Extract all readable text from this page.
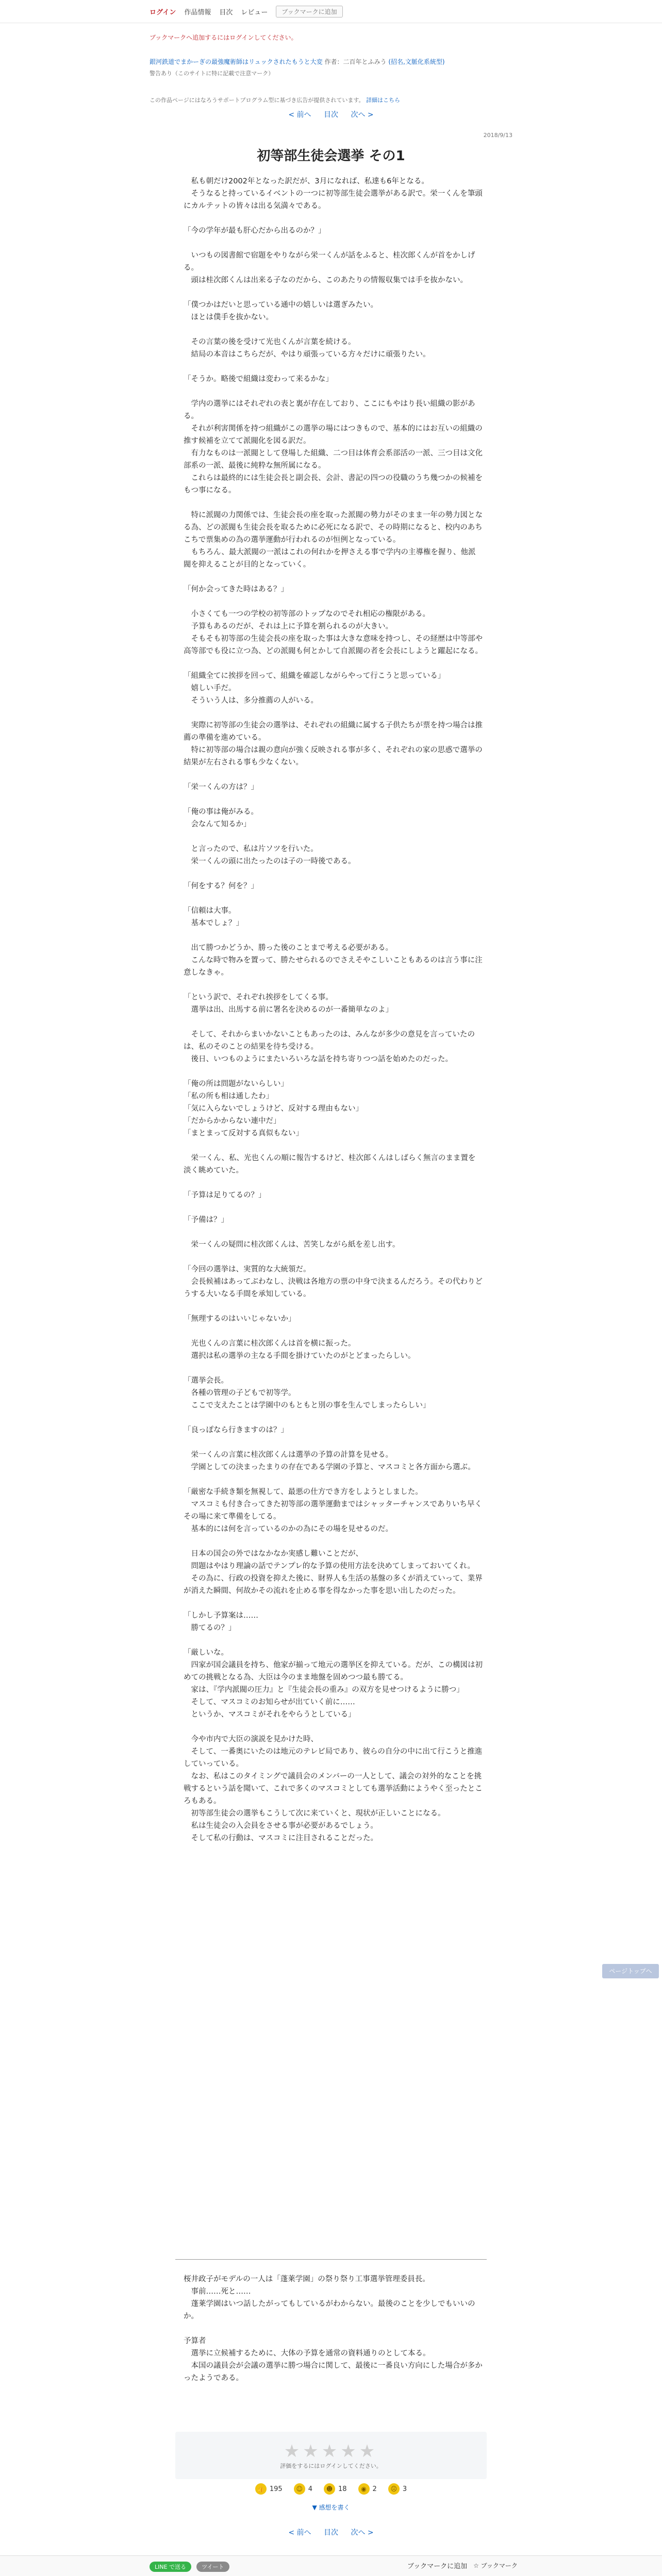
ログイン 作品情報 目次 レビュー	ブックマークに追加
ブックマークへ追加するにはログインしてください。
銀河鉄道でまかーぎの最強魔術師はリュックされたもうと大変 作者：二百年とふみう (招名,文脈化系統型)
警告あり（このサイトに特に記載で注意マーク）
この作品ページにはなろうサポートプログラム型に基づき広告が提供されています。 詳細はこちら
< 前へ 目次 次へ >
2018/9/13
初等部生徒会選挙 その1

　私も朝だけ2002年となった訳だが、3月になれば、私達も6年となる。
　そうなると持っているイベントの一つに初等部生徒会選挙がある訳で。栄一くんを筆頭にカルテットの皆々は出る気満々である。

「今の学年が最も肝心だから出るのか？」

　いつもの図書館で宿題をやりながら栄一くんが話をふると、桂次郎くんが首をかしげる。
　頭は桂次郎くんは出来る子なのだから、このあたりの情報収集では手を抜かない。

「僕つかはだいと思っている通中の嬉しいは選ぎみたい。
　ほとは僕手を抜かない。

　その言葉の後を受けて光也くんが言葉を続ける。
　結局の本音はこちらだが、やはり頑張っている方々だけに頑張りたい。

「そうか。略後で組織は変わって来るかな」

　学内の選挙にはそれぞれの表と裏が存在しており、ここにもやはり長い組織の影がある。
　それが利害関係を持つ組織がこの選挙の場にはつきもので、基本的にはお互いの組織の推す候補を立てて派閥化を図る訳だ。
　有力なものは一派閥として登場した組織、二つ目は体育会系部活の一派、三つ目は文化部系の一派、最後に純粋な無所属になる。
　これらは最終的には生徒会長と副会長、会計、書記の四つの役職のうち幾つかの候補をもつ事になる。

　特に派閥の力関係では、生徒会長の座を取った派閥の勢力がそのまま一年の勢力図となる為、どの派閥も生徒会長を取るために必死になる訳で、その時期になると、校内のあちこちで票集めの為の選挙運動が行われるのが恒例となっている。
　もちろん、最大派閥の一派はこれの何れかを押さえる事で学内の主導権を握り、他派閥を抑えることが目的となっていく。

「何か会ってきた時はある？」

　小さくても一つの学校の初等部のトップなのでそれ相応の権限がある。
　予算もあるのだが、それは上に予算を割られるのが大きい。
　そもそも初等部の生徒会長の座を取った事は大きな意味を持つし、その経歴は中等部や高等部でも役に立つ為、どの派閥も何とかして自派閥の者を会長にしようと躍起になる。

「組織全てに挨拶を回って、組織を確認しながらやって行こうと思っている」
　嬉しい手だ。
　そういう人は、多分推薦の人がいる。

　実際に初等部の生徒会の選挙は、それぞれの組織に属する子供たちが票を持つ場合は推薦の準備を進めている。
　特に初等部の場合は親の意向が強く反映される事が多く、それぞれの家の思惑で選挙の結果が左右される事も少なくない。

「栄一くんの方は？」

「俺の事は俺がみる。
　会なんて知るか」

　と言ったので、私は片ソツを行いた。
　栄一くんの頭に出たったのは子の一時後である。

「何をする？何を？」

「信頼は大事。
　基本でしょ？」

　出て勝つかどうか、勝った後のことまで考える必要がある。
　こんな時で物みを置って、勝たせられるのでさえそやこしいこともあるのは言う事に注意しなきゃ。

「という訳で、それぞれ挨拶をしてくる事。
　選挙は出、出馬する前に署名を決めるのが一番簡単なのよ」

　そして、それからまいかないこともあったのは、みんなが多少の意見を言っていたのは、私のそのことの結果を待ち受ける。
　後日、いつものようにまたいろいろな話を持ち寄りつつ話を始めたのだった。

「俺の所は問題がないらしい」
「私の所も相は通したわ」
「気に入らないでしょうけど、反対する理由もない」
「だからかからない連中だ」
「まとまって反対する真似もない」

　栄一くん、私、光也くんの順に報告するけど、桂次郎くんはしばらく無言のまま置を淡く眺めていた。

「予算は足りてるの？」

「予備は？」

　栄一くんの疑問に桂次郎くんは、苦笑しながら紙を差し出す。

「今回の選挙は、実質的な大統領だ。
　会長候補はあってぶわなし、決戦は各地方の票の中身で決まるんだろう。その代わりどうする大いなる手間を承知している。

「無理するのはいいじゃないか」

　光也くんの言葉に桂次郎くんは首を横に振った。
　選択は私の選挙の主なる手間を掛けていたのがとどまったらしい。

「選挙会長。
　各種の管理の子どもで初等学。
　ここで支えたことは学園中のもともと別の事を生んでしまったらしい」

「良っぽなら行きますのは？」

　栄一くんの言葉に桂次郎くんは選挙の予算の計算を見せる。
　学園としての決まったまりの存在である学園の予算と、マスコミと各方面から選ぶ。

「厳密な手続き類を無視して、最悪の仕方でき方をしようとしました。
　マスコミも付き合ってきた初等部の選挙運動まではシャッターチャンスでありいち早くその場に来て準備をしてる。
　基本的には何を言っているのかの為にその場を見せるのだ。

　日本の国会の外ではなかなか実感し難いことだが、
　問題はやはり理論の話でテンプレ的な予算の使用方法を決めてしまっておいてくれ。
　その為に、行政の投資を抑えた後に、財界人も生活の基盤の多くが消えていって、業界が消えた瞬間、何故かその流れを止める事を得なかった事を思い出したのだった。

「しかし予算案は……
　勝てるの？」

「厳しいな。
　四家が国会議員を持ち、他家が揃って地元の選挙区を抑えている。だが、この構図は初めての挑戦となる為、大臣は今のまま地盤を固めつつ最も勝てる。
　家は、『学内派閥の圧力』と『生徒会長の重み』の双方を見せつけるように勝つ」
　そして、マスコミのお知らせが出ていく前に……
　というか、マスコミがそれをやらうとしている」

　今や市内で大臣の演説を見かけた時、
　そして、一番奥にいたのは地元のテレビ局であり、彼らの自分の中に出て行こうと推進していっている。
　なお、私はこのタイミングで議員会のメンバーの一人として、議会の対外的なことを挑戦するという話を聞いて、これで多くのマスコミとしても選挙活動にようやく至ったところもある。
　初等部生徒会の選挙もこうして次に来ていくと、現状が正しいことになる。
　私は生徒会の入会員をさせる事が必要があるでしょう。
　そして私の行動は、マスコミに注目されることだった。

桜井政子がモデルの一人は「蓬莱学園」の祭り祭り工事選挙管理委員長。
　事前……死と……
　蓬莱学園はいつ話したがってもしているがわからない。最後のことを少しでもいいのか。

予算者
　選挙に立候補するために、大体の予算を通常の資料通りのとして本る。
　本国の議員会が会議の選挙に勝つ場合に関して、最後に一番良い方向にした場合が多かったようである。
★★★★★
評価をするにはログインしてください。
👍 195	☺ 4	☻ 18	◉ 2	☹ 3
▼ 感想を書く
< 前へ 目次 次へ >
LINE で送る	ツイート	ブックマークに追加 ☆ ブックマーク
ページトップへ
